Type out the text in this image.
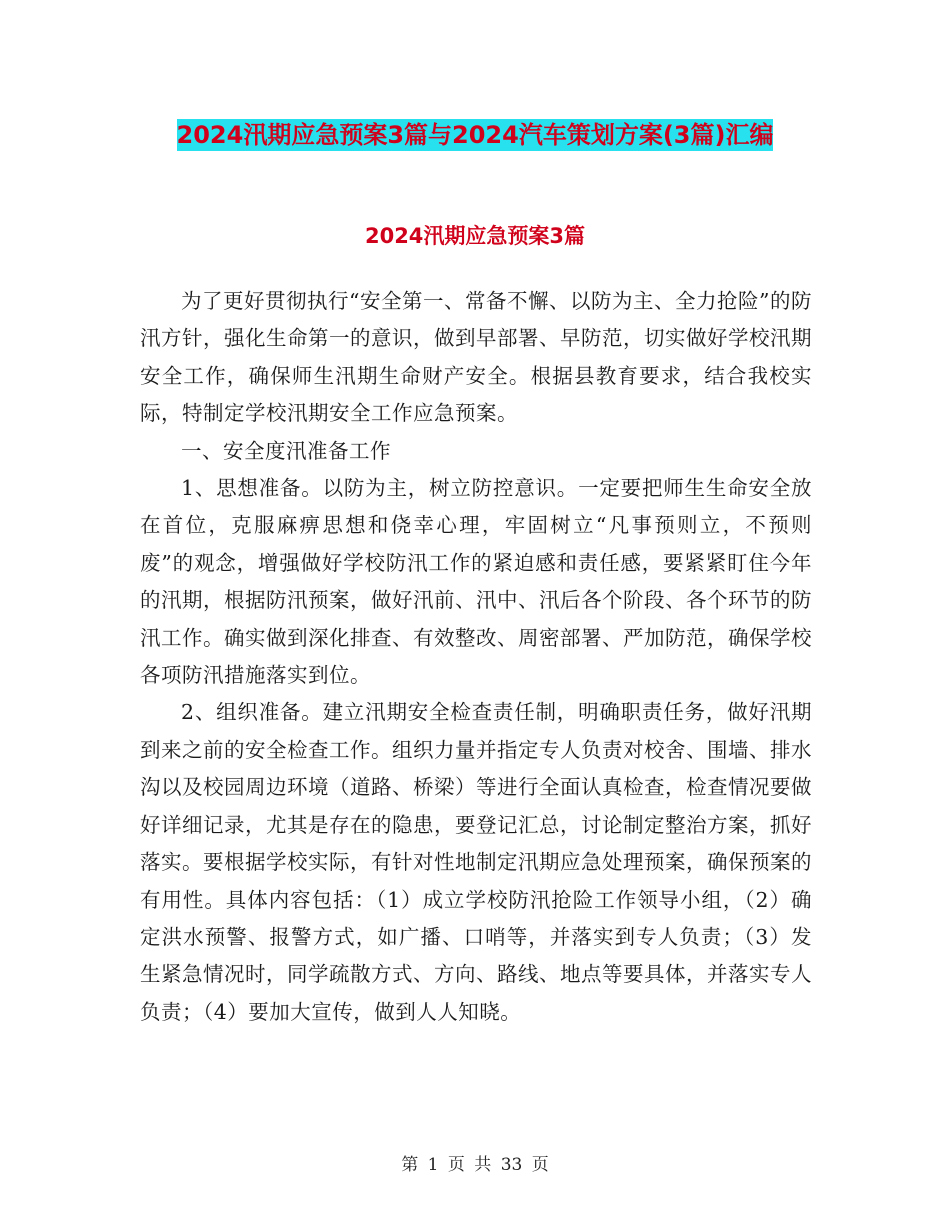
2024汛期应急预案3篇与2024汽车策划方案(3篇)汇编
2024汛期应急预案3篇

为了更好贯彻执行“安全第一、常备不懈、以防为主、全力抢险”的防汛方针，强化生命第一的意识，做到早部署、早防范，切实做好学校汛期安全工作，确保师生汛期生命财产安全。根据县教育要求，结合我校实际，特制定学校汛期安全工作应急预案。

一、安全度汛准备工作

1、思想准备。以防为主，树立防控意识。一定要把师生生命安全放在首位，克服麻痹思想和侥幸心理，牢固树立“凡事预则立，不预则废”的观念，增强做好学校防汛工作的紧迫感和责任感，要紧紧盯住今年的汛期，根据防汛预案，做好汛前、汛中、汛后各个阶段、各个环节的防汛工作。确实做到深化排查、有效整改、周密部署、严加防范，确保学校各项防汛措施落实到位。

2、组织准备。建立汛期安全检查责任制，明确职责任务，做好汛期到来之前的安全检查工作。组织力量并指定专人负责对校舍、围墙、排水沟以及校园周边环境（道路、桥梁）等进行全面认真检查，检查情况要做好详细记录，尤其是存在的隐患，要登记汇总，讨论制定整治方案，抓好落实。要根据学校实际，有针对性地制定汛期应急处理预案，确保预案的有用性。具体内容包括：（1）成立学校防汛抢险工作领导小组，（2）确定洪水预警、报警方式，如广播、口哨等，并落实到专人负责；（3）发生紧急情况时，同学疏散方式、方向、路线、地点等要具体，并落实专人负责；（4）要加大宣传，做到人人知晓。

第 1 页 共 33 页
